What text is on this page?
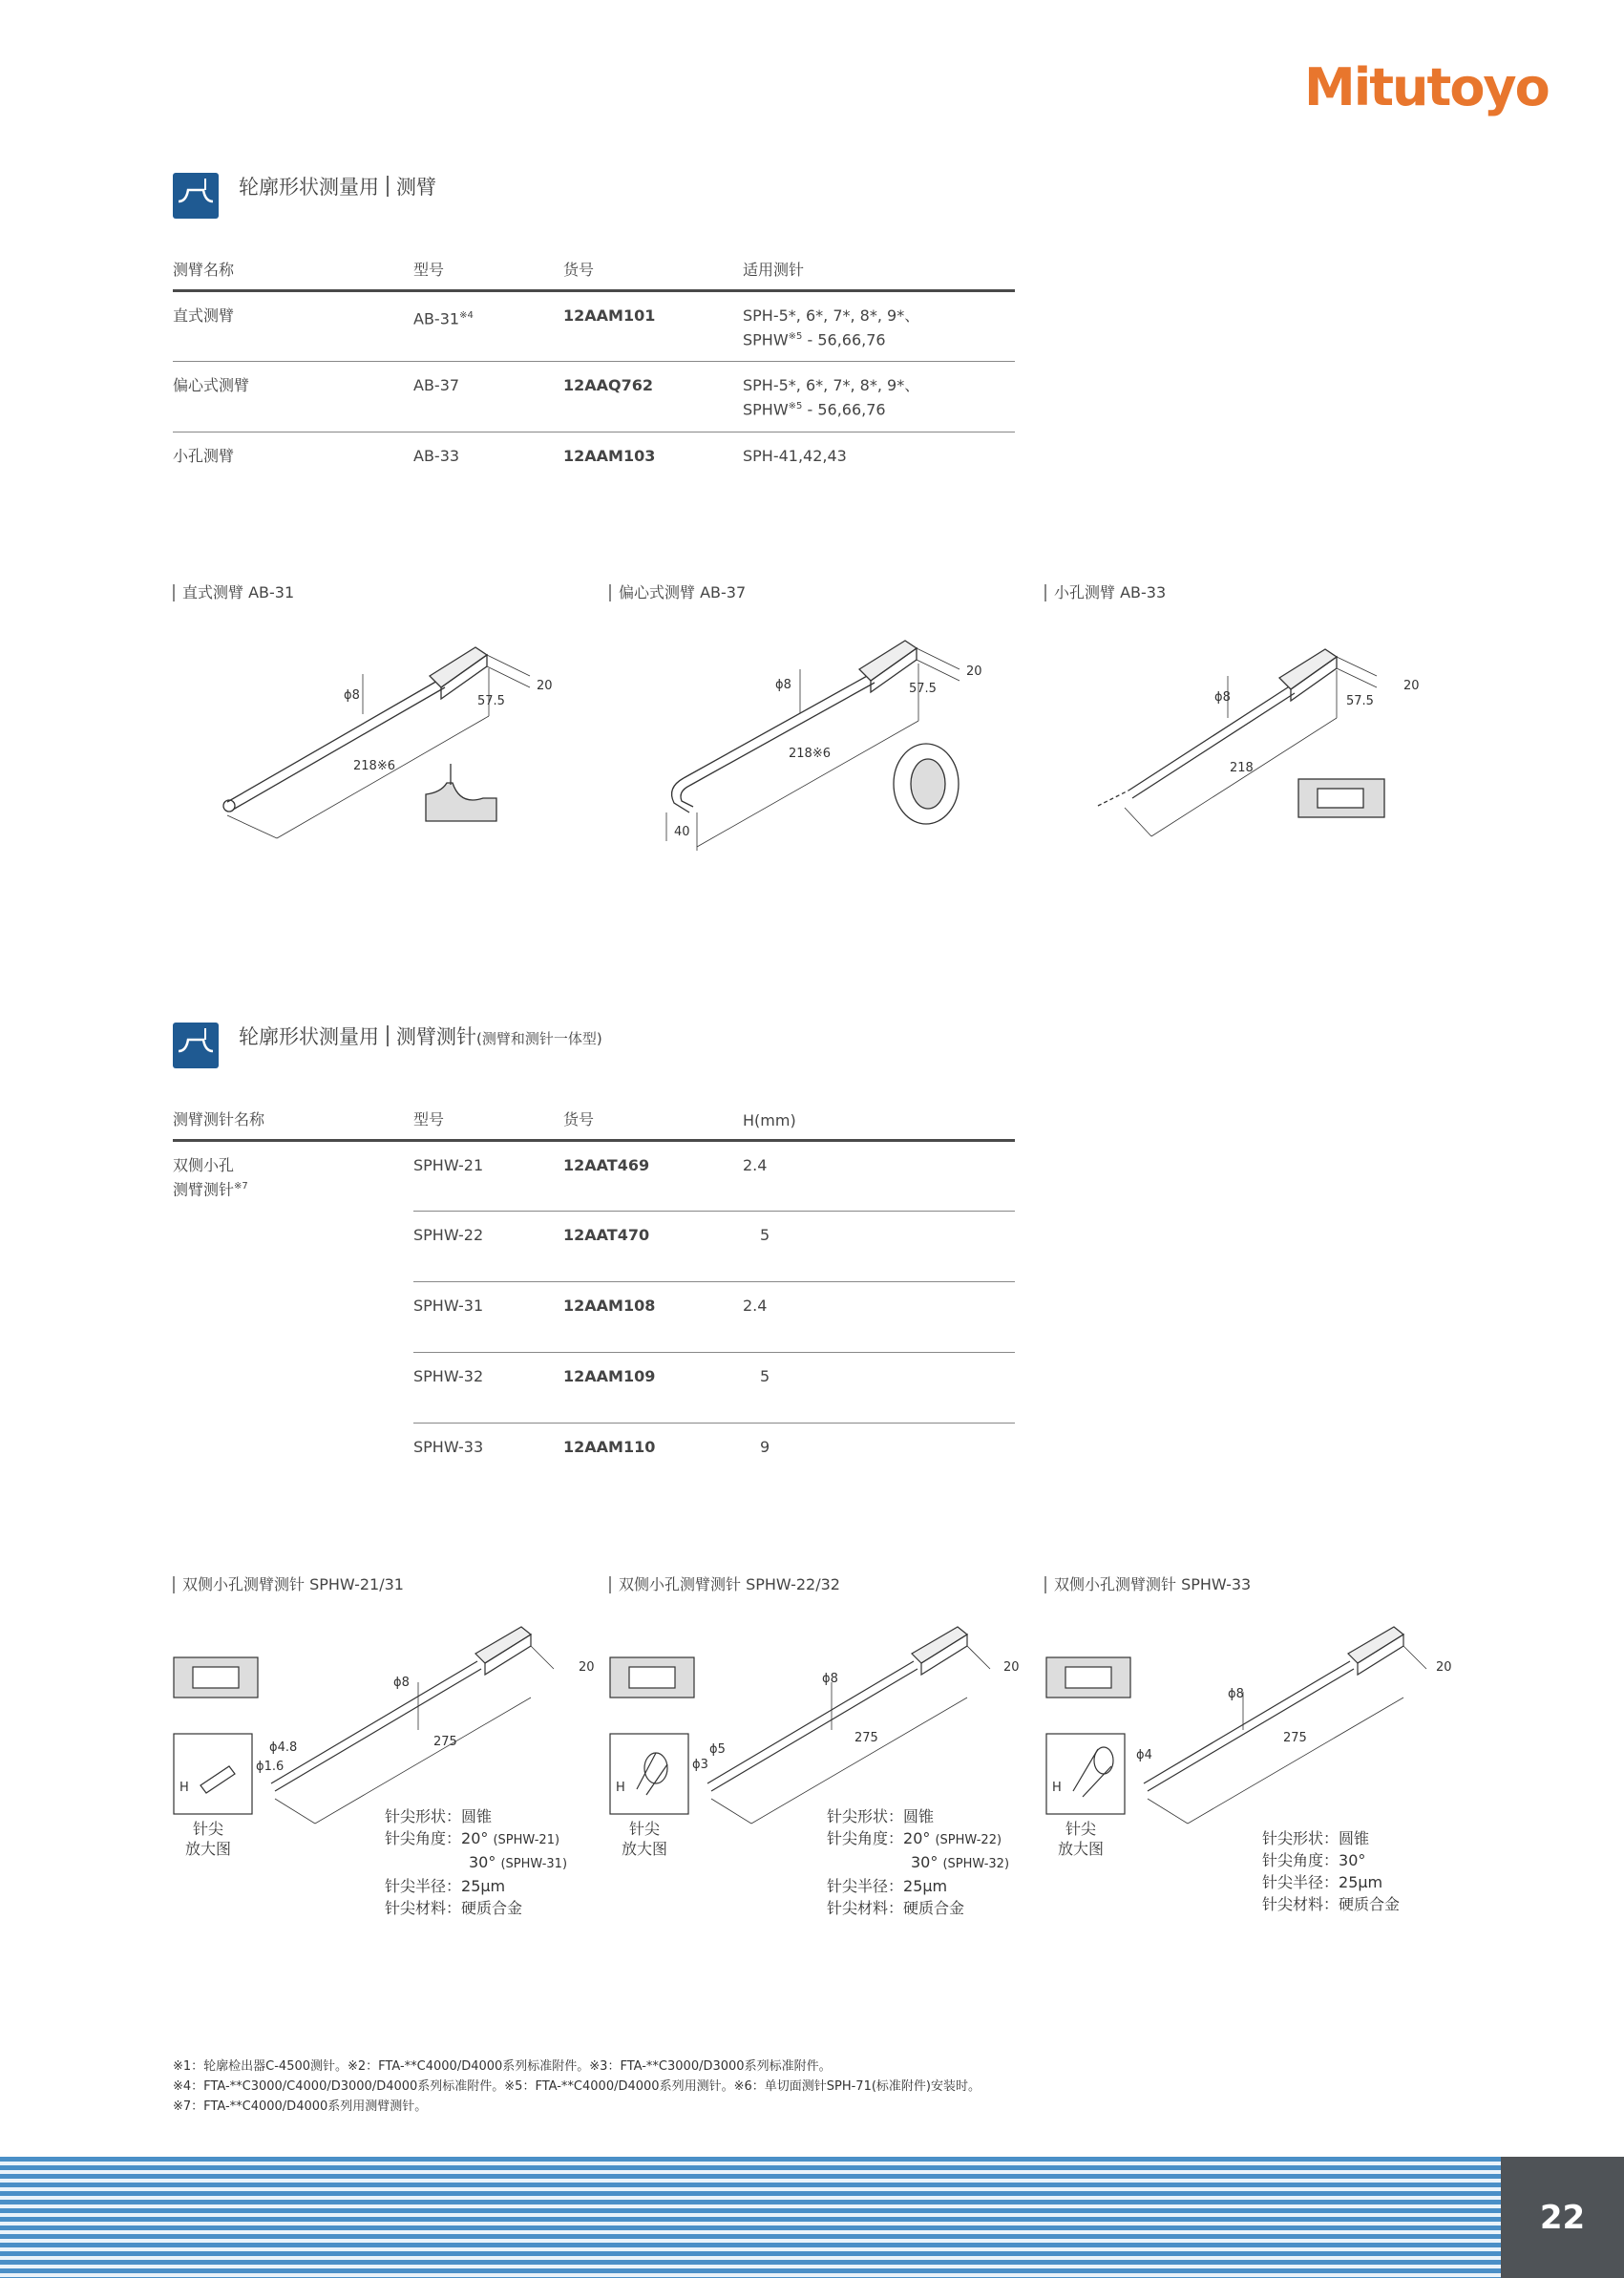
Mitutoyo
轮廓形状测量用 测臂
测臂名称	型号	货号	适用测针
直式测臂	AB-31$^{※4}$	12AAM101	SPH-5*, 6*, 7*, 8*, 9*、
SPHW$^{※5}$ - 56,66,76

偏心式测臂	AB-37	12AAQ762	SPH-5*, 6*, 7*, 8*, 9*、
SPHW$^{※5}$ - 56,66,76

小孔测臂	AB-33	12AAM103	SPH-41,42,43
直式测臂 AB-31	偏心式测臂 AB-37	小孔测臂 AB-33
ϕ8
218※6
57.5
20	ϕ8
218※6
57.5
20
40
ϕ8
218
57.5
20
轮廓形状测量用 测臂测针(测臂和测针一体型)
测臂测针名称	型号	货号	H(mm)

双侧小孔
测臂测针$^{※7}$	SPHW-21	12AAT469	2.4
	SPHW-22	12AAT470	5
	SPHW-31	12AAM108	2.4
	SPHW-32	12AAM109	5
	SPHW-33	12AAM110	9
双侧小孔测臂测针 SPHW-21/31	双侧小孔测臂测针 SPHW-22/32	双侧小孔测臂测针 SPHW-33
ϕ8
275
20
ϕ4.8
ϕ1.6
H
针尖
放大图
针尖形状：圆锥
针尖角度：20° (SPHW-21)
30° (SPHW-31)
针尖半径：25μm
针尖材料：硬质合金
ϕ8
275
20
ϕ5
ϕ3
H
针尖
放大图
针尖形状：圆锥
针尖角度：20° (SPHW-22)
30° (SPHW-32)
针尖半径：25μm
针尖材料：硬质合金
ϕ8
275
20
ϕ4
H
针尖
放大图
针尖形状：圆锥
针尖角度：30°
针尖半径：25μm
针尖材料：硬质合金
※1：轮廓检出器C-4500测针。※2：FTA-**C4000/D4000系列标准附件。※3：FTA-**C3000/D3000系列标准附件。
※4：FTA-**C3000/C4000/D3000/D4000系列标准附件。※5：FTA-**C4000/D4000系列用测针。※6：单切面测针SPH-71(标准附件)安装时。
※7：FTA-**C4000/D4000系列用测臂测针。
22
